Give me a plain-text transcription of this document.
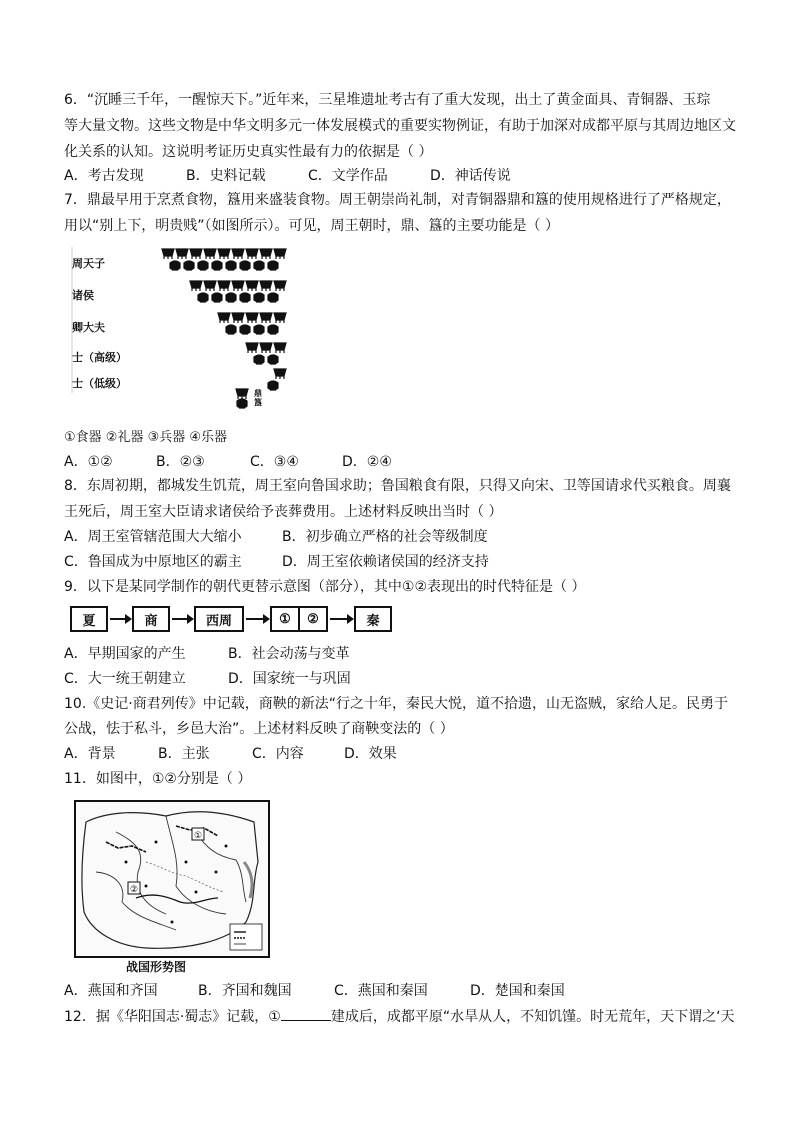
6．“沉睡三千年，一醒惊天下。”近年来，三星堆遗址考古有了重大发现，出土了黄金面具、青铜器、玉琮
等大量文物。这些文物是中华文明多元一体发展模式的重要实物例证，有助于加深对成都平原与其周边地区文
化关系的认知。这说明考证历史真实性最有力的依据是（ ）
A．考古发现	B．史料记载	C．文学作品	D．神话传说
7．鼎最早用于烹煮食物，簋用来盛装食物。周王朝崇尚礼制，对青铜器鼎和簋的使用规格进行了严格规定，
用以“别上下，明贵贱”（如图所示）。可见，周王朝时，鼎、簋的主要功能是（ ）
周天子
诸侯
卿大夫
士（高级）
士（低级）
鼎
簋
①食器 ②礼器 ③兵器 ④乐器
A．①②	B．②③	C．③④	D．②④
8．东周初期，都城发生饥荒，周王室向鲁国求助；鲁国粮食有限，只得又向宋、卫等国请求代买粮食。周襄
王死后，周王室大臣请求诸侯给予丧葬费用。上述材料反映出当时（ ）
A．周王室管辖范围大大缩小	B．初步确立严格的社会等级制度
C．鲁国成为中原地区的霸主	D．周王室依赖诸侯国的经济支持
9．以下是某同学制作的朝代更替示意图（部分），其中①②表现出的时代特征是（ ）
夏	商	西周	①	②	秦
A．早期国家的产生	B．社会动荡与变革
C．大一统王朝建立	D．国家统一与巩固
10.《史记·商君列传》中记载，商鞅的新法“行之十年，秦民大悦，道不拾遗，山无盗贼，家给人足。民勇于
公战，怯于私斗，乡邑大治”。上述材料反映了商鞅变法的（ ）
A．背景	B．主张	C．内容	D．效果
11．如图中，①②分别是（ ）
①
②
战国形势图
A．燕国和齐国	B．齐国和魏国	C．燕国和秦国	D．楚国和秦国
12．据《华阳国志·蜀志》记载，①	建成后，成都平原“水旱从人，不知饥馑。时无荒年，天下谓之‘天
